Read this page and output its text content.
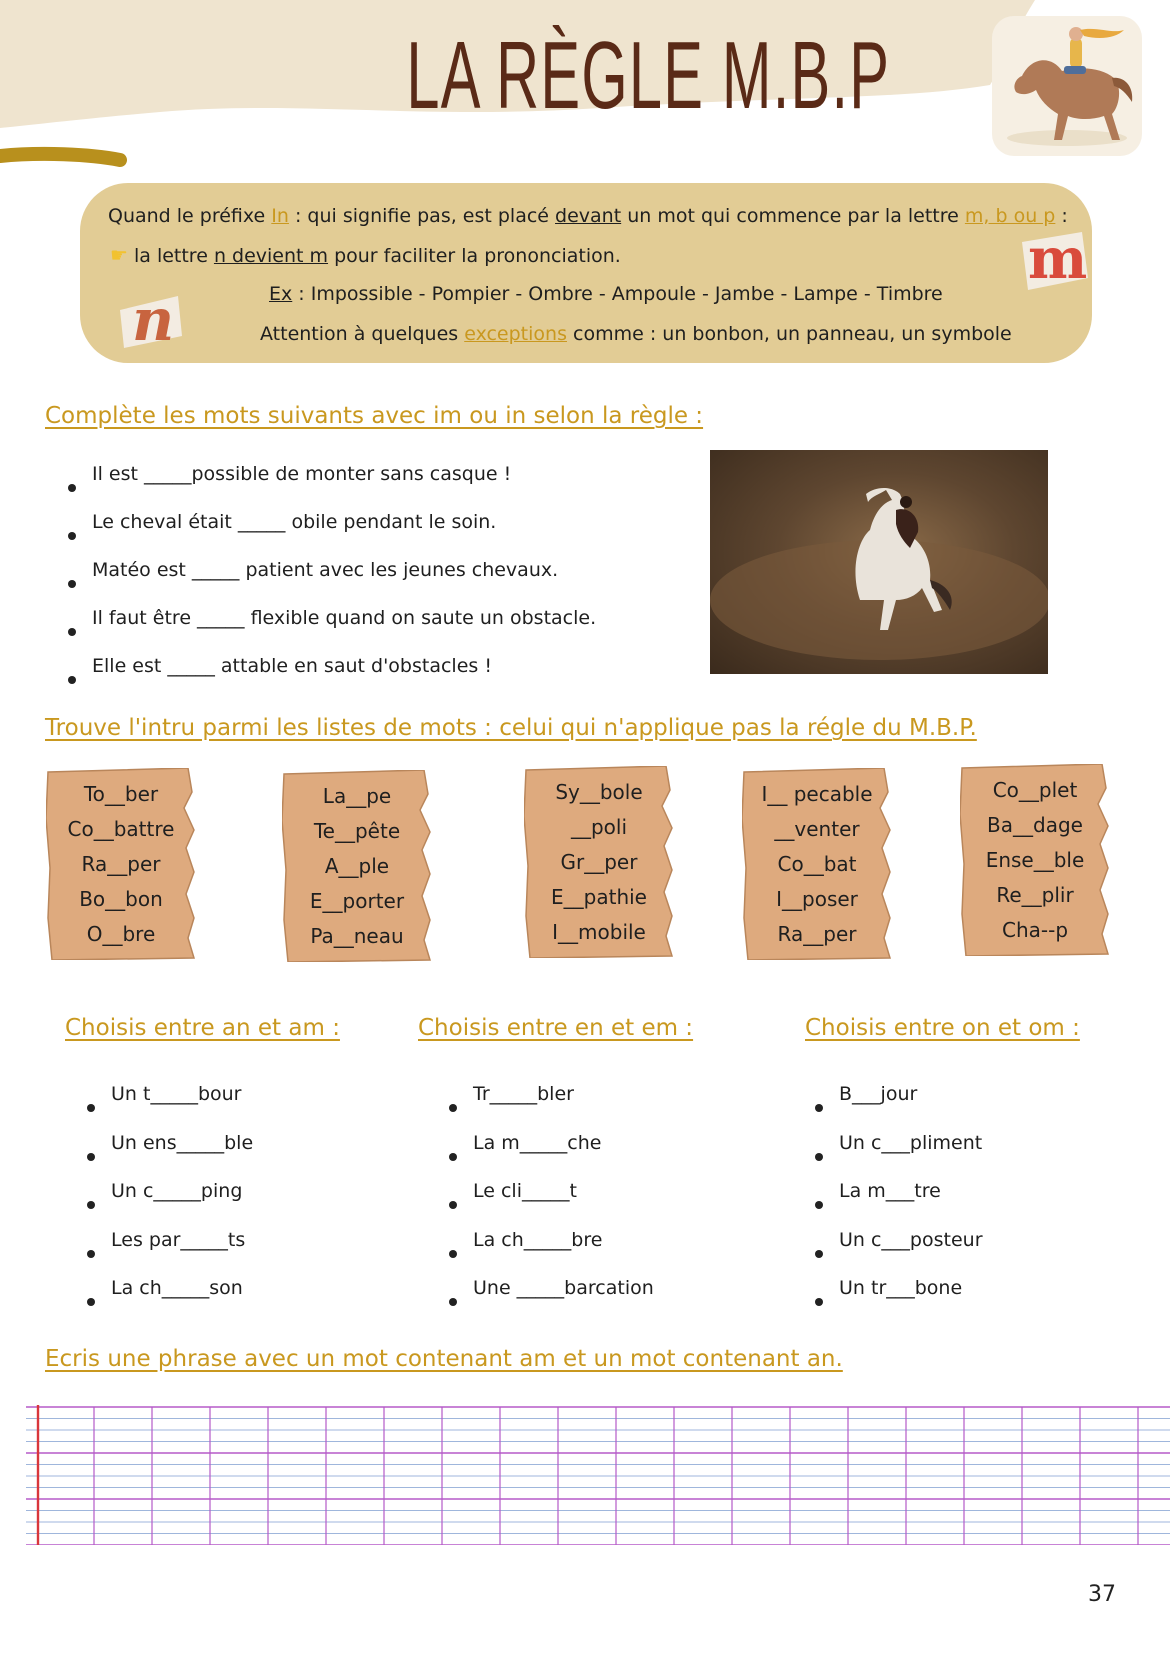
LA RÈGLE M.B.P
Quand le préfixe In : qui signifie pas, est placé devant un mot qui commence par la lettre m, b ou p :
☛ la lettre n devient m pour faciliter la prononciation.
Ex : Impossible - Pompier - Ombre - Ampoule - Jambe - Lampe - Timbre
Attention à quelques exceptions comme : un bonbon, un panneau, un symbole
n
m
Complète les mots suivants avec im ou in selon la règle :
Il est _____possible de monter sans casque !
Le cheval était _____ obile pendant le soin.
Matéo est _____ patient avec les jeunes chevaux.
Il faut être _____ flexible quand on saute un obstacle.
Elle est _____ attable en saut d'obstacles !
Trouve l'intru parmi les listes de mots : celui qui n'applique pas la régle du M.B.P.
To__ber
Co__battre
Ra__per
Bo__bon
O__bre
La__pe
Te__pête
A__ple
E__porter
Pa__neau
Sy__bole
__poli
Gr__per
E__pathie
I__mobile
I__ pecable
__venter
Co__bat
I__poser
Ra__per
Co__plet
Ba__dage
Ense__ble
Re__plir
Cha--p
Choisis entre an et am :	Choisis entre en et em :	Choisis entre on et om :
Un t_____bour
Un ens_____ble
Un c_____ping
Les par_____ts
La ch_____son
Tr_____bler
La m_____che
Le cli_____t
La ch_____bre
Une _____barcation
B___jour
Un c___pliment
La m___tre
Un c___posteur
Un tr___bone
Ecris une phrase avec un mot contenant am et un mot contenant an.
37
